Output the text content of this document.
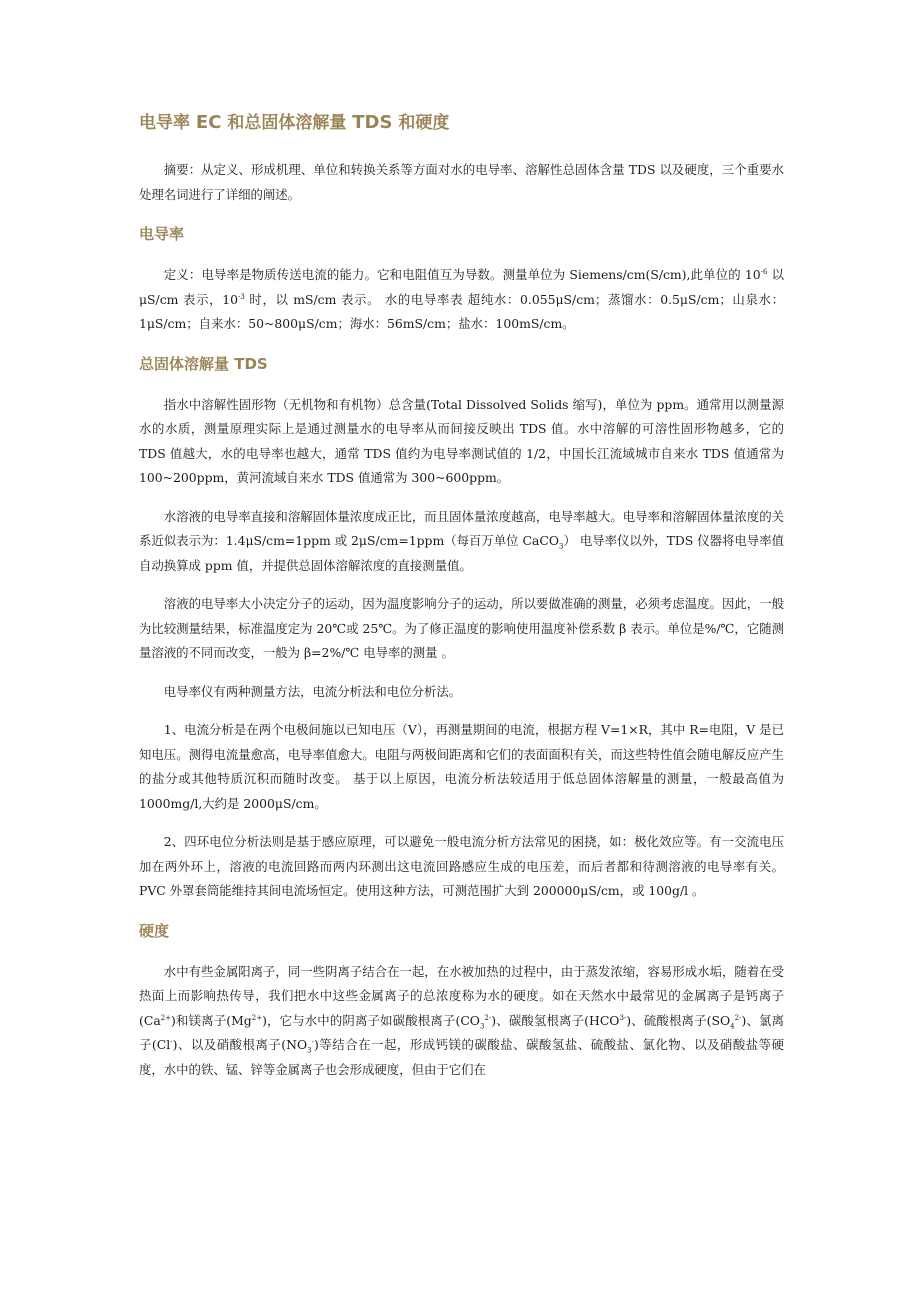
电导率 EC 和总固体溶解量 TDS 和硬度

摘要：从定义、形成机理、单位和转换关系等方面对水的电导率、溶解性总固体含量 TDS 以及硬度，三个重要水处理名词进行了详细的阐述。

电导率

定义：电导率是物质传送电流的能力。它和电阻值互为导数。测量单位为 Siemens/cm(S/cm),此单位的 $10^{-6}$ 以 μS/cm 表示，$10^{-3}$ 时，以 mS/cm 表示。 水的电导率表 超纯水：0.055μS/cm；蒸馏水：0.5μS/cm；山泉水：1μS/cm；自来水：50~800μS/cm；海水：56mS/cm；盐水：100mS/cm。

总固体溶解量 TDS

指水中溶解性固形物（无机物和有机物）总含量(Total Dissolved Solids 缩写)，单位为 ppm。通常用以测量源水的水质，测量原理实际上是通过测量水的电导率从而间接反映出 TDS 值。水中溶解的可溶性固形物越多，它的 TDS 值越大，水的电导率也越大，通常 TDS 值约为电导率测试值的 1/2，中国长江流域城市自来水 TDS 值通常为 100~200ppm，黄河流域自来水 TDS 值通常为 300~600ppm。

水溶液的电导率直接和溶解固体量浓度成正比，而且固体量浓度越高，电导率越大。电导率和溶解固体量浓度的关系近似表示为：1.4μS/cm=1ppm 或 2μS/cm=1ppm（每百万单位 CaCO$_3$） 电导率仪以外，TDS 仪器将电导率值自动换算成 ppm 值，并提供总固体溶解浓度的直接测量值。

溶液的电导率大小决定分子的运动，因为温度影响分子的运动，所以要做准确的测量，必须考虑温度。因此，一般为比较测量结果，标准温度定为 20℃或 25℃。为了修正温度的影响使用温度补偿系数 β 表示。单位是%/℃，它随测量溶液的不同而改变，一般为 β=2%/℃ 电导率的测量 。

电导率仪有两种测量方法，电流分析法和电位分析法。

1、电流分析是在两个电极间施以已知电压（V），再测量期间的电流，根据方程 V=1×R，其中 R=电阻，V 是已知电压。测得电流量愈高，电导率值愈大。电阻与两极间距离和它们的表面面积有关，而这些特性值会随电解反应产生的盐分或其他特质沉积而随时改变。 基于以上原因，电流分析法较适用于低总固体溶解量的测量，一般最高值为 1000mg/l,大约是 2000μS/cm。

2、四环电位分析法则是基于感应原理，可以避免一般电流分析方法常见的困挠，如：极化效应等。有一交流电压加在两外环上，溶液的电流回路而两内环测出这电流回路感应生成的电压差，而后者都和待测溶液的电导率有关。PVC 外罩套筒能维持其间电流场恒定。使用这种方法，可测范围扩大到 200000μS/cm，或 100g/l 。

硬度

水中有些金属阳离子，同一些阴离子结合在一起，在水被加热的过程中，由于蒸发浓缩，容易形成水垢，随着在受热面上而影响热传导，我们把水中这些金属离子的总浓度称为水的硬度。如在天然水中最常见的金属离子是钙离子$(Ca^{2+})$和镁离子$(Mg^{2+})$，它与水中的阴离子如碳酸根离子$(CO_3^{2-})$、碳酸氢根离子$(HCO^{3-})$、硫酸根离子$(SO_4^{2-})$、氯离子(Cl-)、以及硝酸根离子$(NO_3^-)$等结合在一起，形成钙镁的碳酸盐、碳酸氢盐、硫酸盐、氯化物、以及硝酸盐等硬度，水中的铁、锰、锌等金属离子也会形成硬度，但由于它们在
